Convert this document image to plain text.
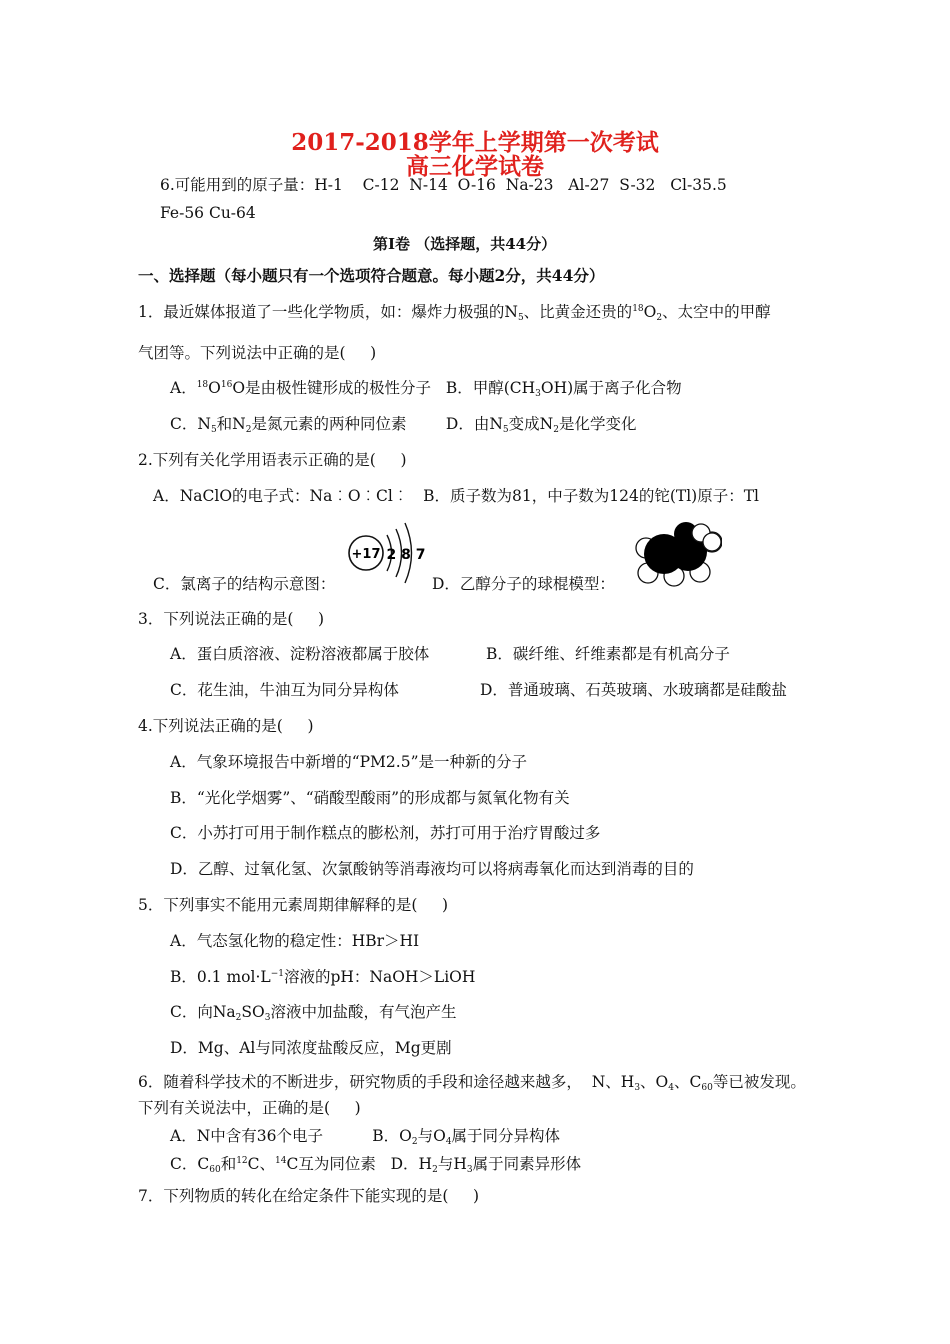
2017-2018学年上学期第一次考试
高三化学试卷
6.可能用到的原子量：H-1    C-12  N-14  O-16  Na-23   Al-27  S-32   Cl-35.5
Fe-56 Cu-64
第Ⅰ卷 （选择题，共44分）
一、选择题（每小题只有一个选项符合题意。每小题2分，共44分）
1．最近媒体报道了一些化学物质，如：爆炸力极强的$N_5$、比黄金还贵的$^{18}O_2$、太空中的甲醇
气团等。下列说法中正确的是(     )
A．$^{18}O^{16}O$是由极性键形成的极性分子   B．甲醇$(CH_3OH)$属于离子化合物
C．$N_5$和$N_2$是氮元素的两种同位素        D．由$N_5$变成$N_2$是化学变化
2.下列有关化学用语表示正确的是(     )
A．NaClO的电子式：Na︰O︰Cl︰   B．质子数为81，中子数为124的铊(Tl)原子：Tl
+17 2 8 7
C．氯离子的结构示意图：	D．乙醇分子的球棍模型：
3．下列说法正确的是(     )
A．蛋白质溶液、淀粉溶液都属于胶体	B．碳纤维、纤维素都是有机高分子
C．花生油，牛油互为同分异构体	D．普通玻璃、石英玻璃、水玻璃都是硅酸盐
4.下列说法正确的是(     )
A．气象环境报告中新增的“PM2.5”是一种新的分子
B．“光化学烟雾”、“硝酸型酸雨”的形成都与氮氧化物有关
C．小苏打可用于制作糕点的膨松剂，苏打可用于治疗胃酸过多
D．乙醇、过氧化氢、次氯酸钠等消毒液均可以将病毒氧化而达到消毒的目的
5．下列事实不能用元素周期律解释的是(     )
A．气态氢化物的稳定性：HBr＞HI
B．0.1 $mol\cdot L^{-1}$溶液的pH：NaOH＞LiOH
C．向$Na_2SO_3$溶液中加盐酸，有气泡产生
D．Mg、Al与同浓度盐酸反应，Mg更剧
6．随着科学技术的不断进步，研究物质的手段和途径越来越多，  N、$H_3$、$O_4$、$C_{60}$等已被发现。
下列有关说法中，正确的是(     )
A．N中含有36个电子          B．$O_2$与$O_4$属于同分异构体
C．$C_{60}$和$^{12}$C、$^{14}$C互为同位素   D．$H_2$与$H_3$属于同素异形体
7．下列物质的转化在给定条件下能实现的是(     )
